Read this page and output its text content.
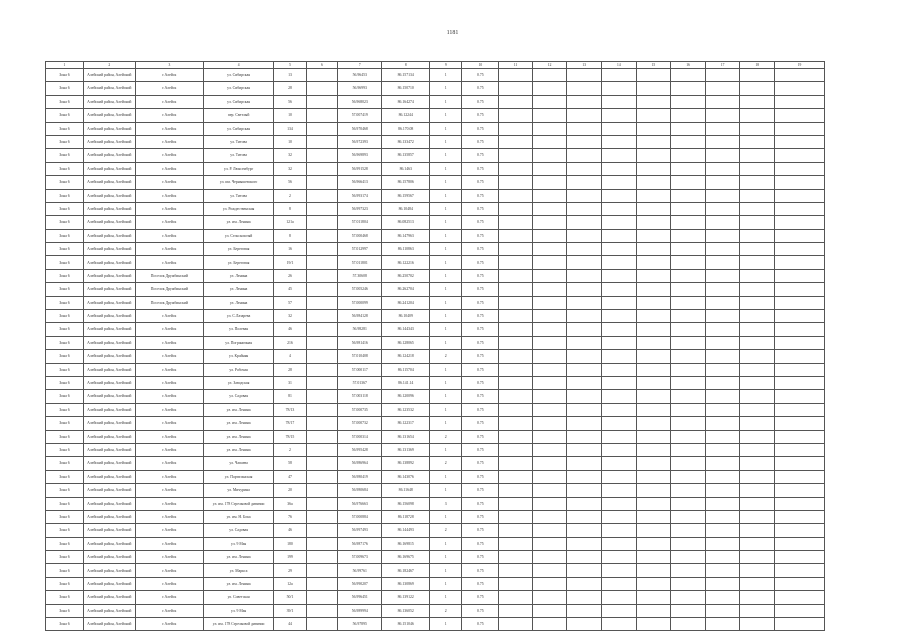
1181
1	2	3	4	5	6	7	8	9	10	11	12	13	14	15	16	17	18	19
Зона 6	Алейский район, Алейский	г.Алейск	ул. Сибирская	13		56.96453	86.157134	1	0.75									
Зона 6	Алейский район, Алейский	г.Алейск	ул. Сибирская	28		56.96993	86.150710	1	0.75									
Зона 6	Алейский район, Алейский	г.Алейск	ул. Сибирская	56		56.968023	86.164274	1	0.75									
Зона 6	Алейский район, Алейский	г.Алейск	пер. Светлый	10		57.007419	86.12244	1	0.75									
Зона 6	Алейский район, Алейский	г.Алейск	ул. Сибирская	134		56.970468	86.170.08	1	0.75									
Зона 6	Алейский район, Алейский	г.Алейск	ул. Титова	10		56.972393	86.133472	1	0.75									
Зона 6	Алейский район, Алейский	г.Алейск	ул. Титова	32		56.969893	86.135857	1	0.75									
Зона 6	Алейский район, Алейский	г.Алейск	ул. Р. Люксембург	32		56.991528	86.1463	1	0.75									
Зона 6	Алейский район, Алейский	г.Алейск	ул. им. Чернышевского	56		56.966413	86.157806	1	0.75									
Зона 6	Алейский район, Алейский	г.Алейск	ул. Титова	2		56.993174	86.159567	1	0.75									
Зона 6	Алейский район, Алейский	г.Алейск	ул. Рождественская	8		56.997323	86.10484	1	0.75									
Зона 6	Алейский район, Алейский	г.Алейск	ул. им. Ленина	121а		57.011804	86.082513	1	0.75									
Зона 6	Алейский район, Алейский	г.Алейск	ул. Сельскохозяй	8		57.000468	86.147963	1	0.75									
Зона 6	Алейский район, Алейский	г.Алейск	ул. Береговая	16		57.012997	86.110863	1	0.75									
Зона 6	Алейский район, Алейский	г.Алейск	ул. Береговая	19/1		57.011801	86.122216	1	0.75									
Зона 6	Алейский район, Алейский	Поселок Дружбинский	ул. Ленина	26		57.30608	86.250702	1	0.75									
Зона 6	Алейский район, Алейский	Поселок Дружбинский	ул. Ленина	45		57.005246	86.262704	1	0.75									
Зона 6	Алейский район, Алейский	Поселок Дружбинский	ул. Ленина	57		57.000099	86.241204	1	0.75									
Зона 6	Алейский район, Алейский	г.Алейск	ул. С.Лазарева	32		56.984128	86.10409	1	0.75									
Зона 6	Алейский район, Алейский	г.Алейск	ул. Полевая	46		56.98281	86.144343	1	0.75									
Зона 6	Алейский район, Алейский	г.Алейск	ул. Пограничная	216		56.981416	86.128065	1	0.75									
Зона 6	Алейский район, Алейский	г.Алейск	ул. Крайняя	4		57.010408	86.124218	2	0.75									
Зона 6	Алейский район, Алейский	г.Алейск	ул. Рабочая	28		57.000117	86.115704	1	0.75									
Зона 6	Алейский район, Алейский	г.Алейск	ул. Заводская	31		57.01367	86.141.14	1	0.75									
Зона 6	Алейский район, Алейский	г.Алейск	ул. Садовая	81		57.003118	86.120096	1	0.75									
Зона 6	Алейский район, Алейский	г.Алейск	ул. им. Ленина	78/13		57.000735	86.123532	1	0.75									
Зона 6	Алейский район, Алейский	г.Алейск	ул. им. Ленина	78/17		57.000732	86.122317	1	0.75									
Зона 6	Алейский район, Алейский	г.Алейск	ул. им. Ленина	78/15		57.000314	86.131654	2	0.75									
Зона 6	Алейский район, Алейский	г.Алейск	ул. им. Ленина	2		56.995428	86.131369	1	0.75									
Зона 6	Алейский район, Алейский	г.Алейск	ул. Чапаева	58		56.986964	86.138892	2	0.75									
Зона 6	Алейский район, Алейский	г.Алейск	ул. Партизанская	47		56.980419	86.143076	1	0.75									
Зона 6	Алейский район, Алейский	г.Алейск	ул. Мичурина	20		56.980684	86.11648	1	0.75									
Зона 6	Алейский район, Алейский	г.Алейск	ул. им. 178 Стрелковой дивизии	36а		56.976663	86.156098	3	0.75									
Зона 6	Алейский район, Алейский	г.Алейск	ул. им. Н. Бока	76		57.000884	86.118728	1	0.75									
Зона 6	Алейский район, Алейский	г.Алейск	ул. Садовая	46		56.997493	86.144493	2	0.75									
Зона 6	Алейский район, Алейский	г.Алейск	ул. 9 Мая	180		56.987176	86.169815	1	0.75									
Зона 6	Алейский район, Алейский	г.Алейск	ул. им. Ленина	199		57.009673	86.169675	1	0.75									
Зона 6	Алейский район, Алейский	г.Алейск	ул. Маркса	29		56.99761	86.182467	1	0.75									
Зона 6	Алейский район, Алейский	г.Алейск	ул. им. Ленина	12а		56.990207	86.130869	1	0.75									
Зона 6	Алейский район, Алейский	г.Алейск	ул. Советская	50/1		56.996451	86.139122	1	0.75									
Зона 6	Алейский район, Алейский	г.Алейск	ул. 9 Мая	39/1		56.989994	86.136052	2	0.75									
Зона 6	Алейский район, Алейский	г.Алейск	ул. им. 178 Стрелковой дивизии	44		56.97895	86.151046	1	0.75									
